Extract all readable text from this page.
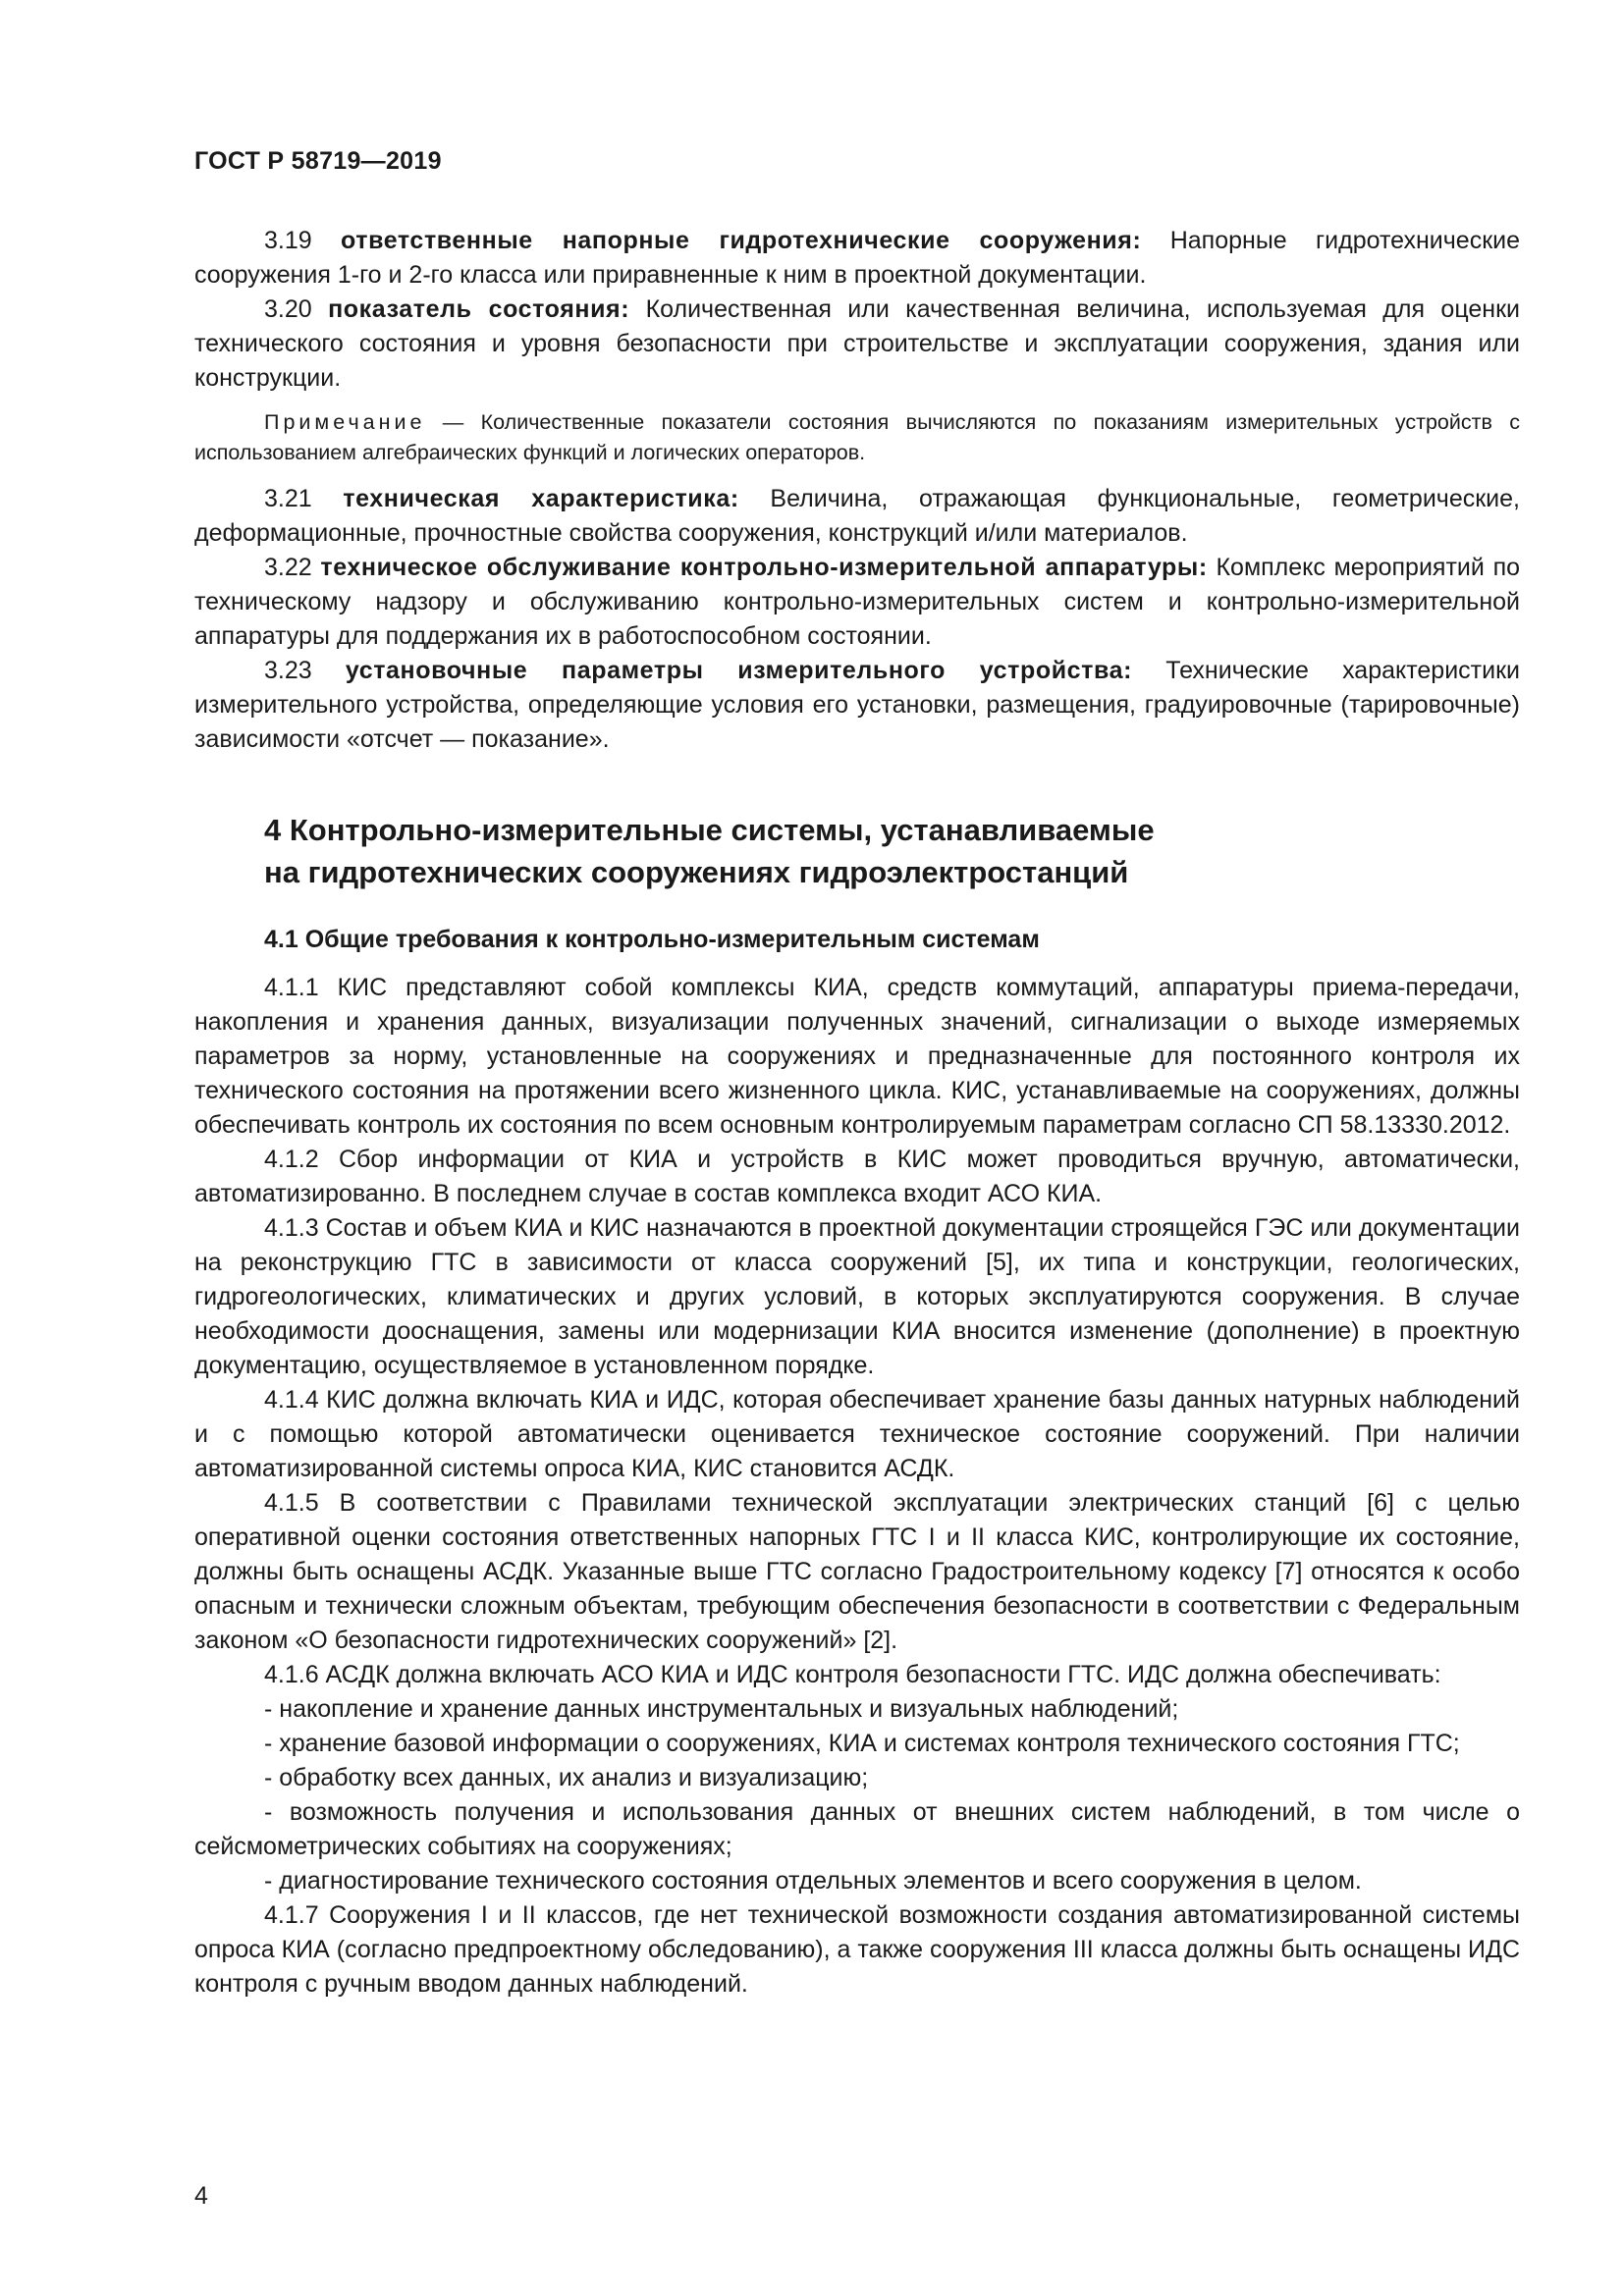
ГОСТ Р 58719—2019

3.19 ответственные напорные гидротехнические сооружения: Напорные гидротехнические сооружения 1-го и 2-го класса или приравненные к ним в проектной документации.

3.20 показатель состояния: Количественная или качественная величина, используемая для оценки технического состояния и уровня безопасности при строительстве и эксплуатации сооружения, здания или конструкции.

Примечание — Количественные показатели состояния вычисляются по показаниям измерительных устройств с использованием алгебраических функций и логических операторов.

3.21 техническая характеристика: Величина, отражающая функциональные, геометрические, деформационные, прочностные свойства сооружения, конструкций и/или материалов.

3.22 техническое обслуживание контрольно-измерительной аппаратуры: Комплекс мероприятий по техническому надзору и обслуживанию контрольно-измерительных систем и контрольно-измерительной аппаратуры для поддержания их в работоспособном состоянии.

3.23 установочные параметры измерительного устройства: Технические характеристики измерительного устройства, определяющие условия его установки, размещения, градуировочные (тарировочные) зависимости «отсчет — показание».

4 Контрольно-измерительные системы, устанавливаемые
на гидротехнических сооружениях гидроэлектростанций
4.1 Общие требования к контрольно-измерительным системам

4.1.1 КИС представляют собой комплексы КИА, средств коммутаций, аппаратуры приема-передачи, накопления и хранения данных, визуализации полученных значений, сигнализации о выходе измеряемых параметров за норму, установленные на сооружениях и предназначенные для постоянного контроля их технического состояния на протяжении всего жизненного цикла. КИС, устанавливаемые на сооружениях, должны обеспечивать контроль их состояния по всем основным контролируемым параметрам согласно СП 58.13330.2012.

4.1.2 Сбор информации от КИА и устройств в КИС может проводиться вручную, автоматически, автоматизированно. В последнем случае в состав комплекса входит АСО КИА.

4.1.3 Состав и объем КИА и КИС назначаются в проектной документации строящейся ГЭС или документации на реконструкцию ГТС в зависимости от класса сооружений [5], их типа и конструкции, геологических, гидрогеологических, климатических и других условий, в которых эксплуатируются сооружения. В случае необходимости дооснащения, замены или модернизации КИА вносится изменение (дополнение) в проектную документацию, осуществляемое в установленном порядке.

4.1.4 КИС должна включать КИА и ИДС, которая обеспечивает хранение базы данных натурных наблюдений и с помощью которой автоматически оценивается техническое состояние сооружений. При наличии автоматизированной системы опроса КИА, КИС становится АСДК.

4.1.5 В соответствии с Правилами технической эксплуатации электрических станций [6] с целью оперативной оценки состояния ответственных напорных ГТС I и II класса КИС, контролирующие их состояние, должны быть оснащены АСДК. Указанные выше ГТС согласно Градостроительному кодексу [7] относятся к особо опасным и технически сложным объектам, требующим обеспечения безопасности в соответствии с Федеральным законом «О безопасности гидротехнических сооружений» [2].

4.1.6 АСДК должна включать АСО КИА и ИДС контроля безопасности ГТС. ИДС должна обеспечивать:

- накопление и хранение данных инструментальных и визуальных наблюдений;

- хранение базовой информации о сооружениях, КИА и системах контроля технического состояния ГТС;

- обработку всех данных, их анализ и визуализацию;

- возможность получения и использования данных от внешних систем наблюдений, в том числе о сейсмометрических событиях на сооружениях;

- диагностирование технического состояния отдельных элементов и всего сооружения в целом.

4.1.7 Сооружения I и II классов, где нет технической возможности создания автоматизированной системы опроса КИА (согласно предпроектному обследованию), а также сооружения III класса должны быть оснащены ИДС контроля с ручным вводом данных наблюдений.

4
